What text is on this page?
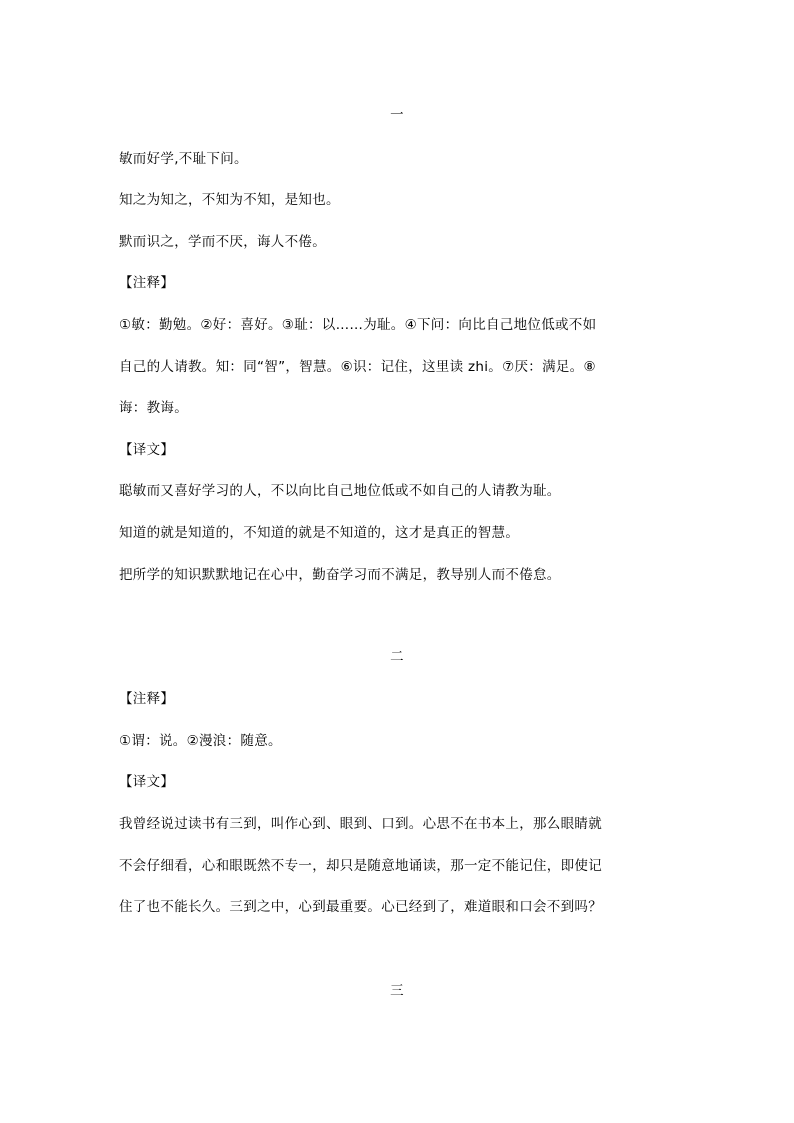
一
敏而好学,不耻下问。
知之为知之，不知为不知，是知也。
默而识之，学而不厌，诲人不倦。
【注释】
①敏：勤勉。②好：喜好。③耻：以……为耻。④下问：向比自己地位低或不如
自己的人请教。知：同“智”，智慧。⑥识：记住，这里读 zhi。⑦厌：满足。⑧
诲：教诲。
【译文】
聪敏而又喜好学习的人，不以向比自己地位低或不如自己的人请教为耻。
知道的就是知道的，不知道的就是不知道的，这才是真正的智慧。
把所学的知识默默地记在心中，勤奋学习而不满足，教导别人而不倦怠。
二
【注释】
①谓：说。②漫浪：随意。
【译文】
我曾经说过读书有三到，叫作心到、眼到、口到。心思不在书本上，那么眼睛就
不会仔细看，心和眼既然不专一，却只是随意地诵读，那一定不能记住，即使记
住了也不能长久。三到之中，心到最重要。心已经到了，难道眼和口会不到吗？
三
